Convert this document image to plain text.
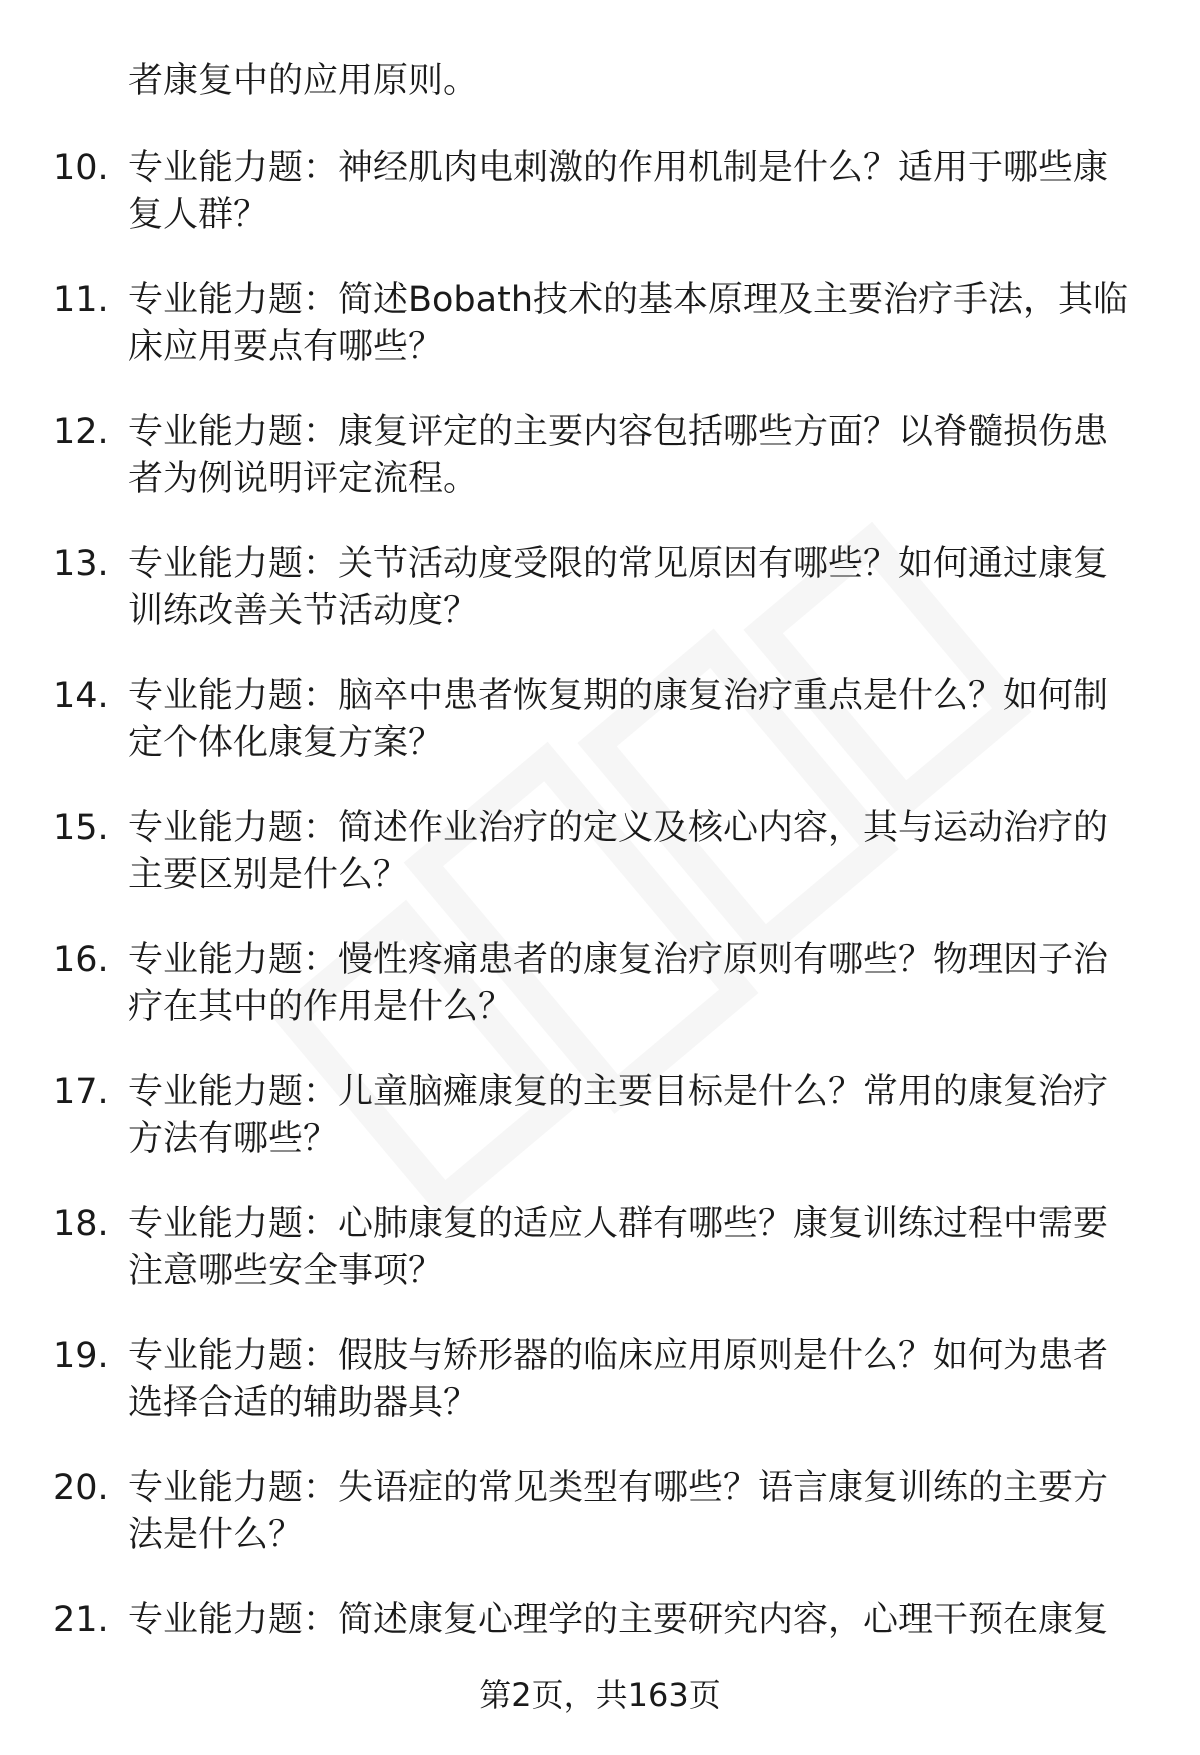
者康复中的应用原则。
10. 专业能力题：神经肌肉电刺激的作用机制是什么？适用于哪些康复人群？
11. 专业能力题：简述Bobath技术的基本原理及主要治疗手法，其临床应用要点有哪些？
12. 专业能力题：康复评定的主要内容包括哪些方面？以脊髓损伤患者为例说明评定流程。
13. 专业能力题：关节活动度受限的常见原因有哪些？如何通过康复训练改善关节活动度？
14. 专业能力题：脑卒中患者恢复期的康复治疗重点是什么？如何制定个体化康复方案？
15. 专业能力题：简述作业治疗的定义及核心内容，其与运动治疗的主要区别是什么？
16. 专业能力题：慢性疼痛患者的康复治疗原则有哪些？物理因子治疗在其中的作用是什么？
17. 专业能力题：儿童脑瘫康复的主要目标是什么？常用的康复治疗方法有哪些？
18. 专业能力题：心肺康复的适应人群有哪些？康复训练过程中需要注意哪些安全事项？
19. 专业能力题：假肢与矫形器的临床应用原则是什么？如何为患者选择合适的辅助器具？
20. 专业能力题：失语症的常见类型有哪些？语言康复训练的主要方法是什么？
21. 专业能力题：简述康复心理学的主要研究内容，心理干预在康复
第2页，共163页
